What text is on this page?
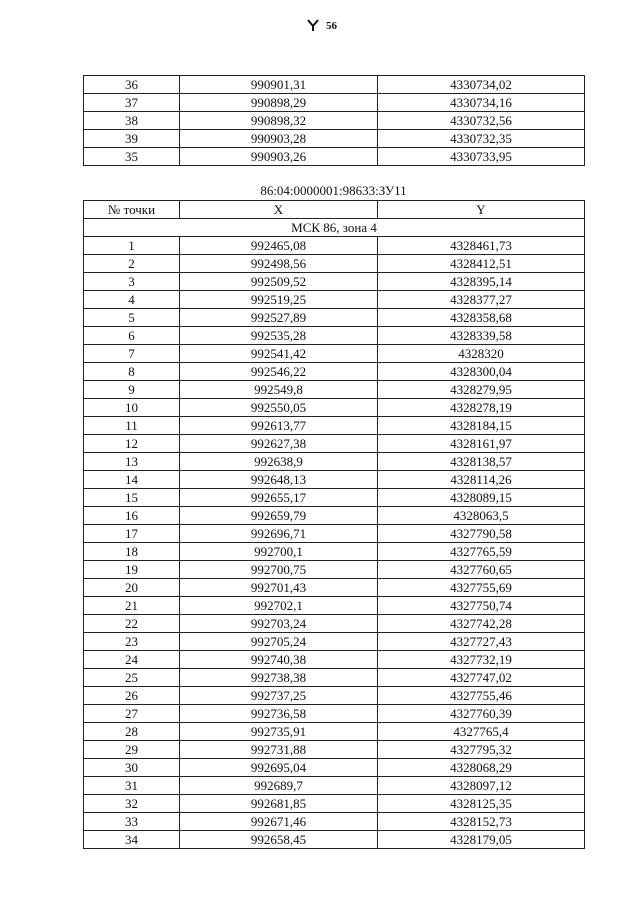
56
36	990901,31	4330734,02
37	990898,29	4330734,16
38	990898,32	4330732,56
39	990903,28	4330732,35
35	990903,26	4330733,95
86:04:0000001:98633:ЗУ11
№ точки	X	Y
МСК 86, зона 4		
1	992465,08	4328461,73
2	992498,56	4328412,51
3	992509,52	4328395,14
4	992519,25	4328377,27
5	992527,89	4328358,68
6	992535,28	4328339,58
7	992541,42	4328320
8	992546,22	4328300,04
9	992549,8	4328279,95
10	992550,05	4328278,19
11	992613,77	4328184,15
12	992627,38	4328161,97
13	992638,9	4328138,57
14	992648,13	4328114,26
15	992655,17	4328089,15
16	992659,79	4328063,5
17	992696,71	4327790,58
18	992700,1	4327765,59
19	992700,75	4327760,65
20	992701,43	4327755,69
21	992702,1	4327750,74
22	992703,24	4327742,28
23	992705,24	4327727,43
24	992740,38	4327732,19
25	992738,38	4327747,02
26	992737,25	4327755,46
27	992736,58	4327760,39
28	992735,91	4327765,4
29	992731,88	4327795,32
30	992695,04	4328068,29
31	992689,7	4328097,12
32	992681,85	4328125,35
33	992671,46	4328152,73
34	992658,45	4328179,05
